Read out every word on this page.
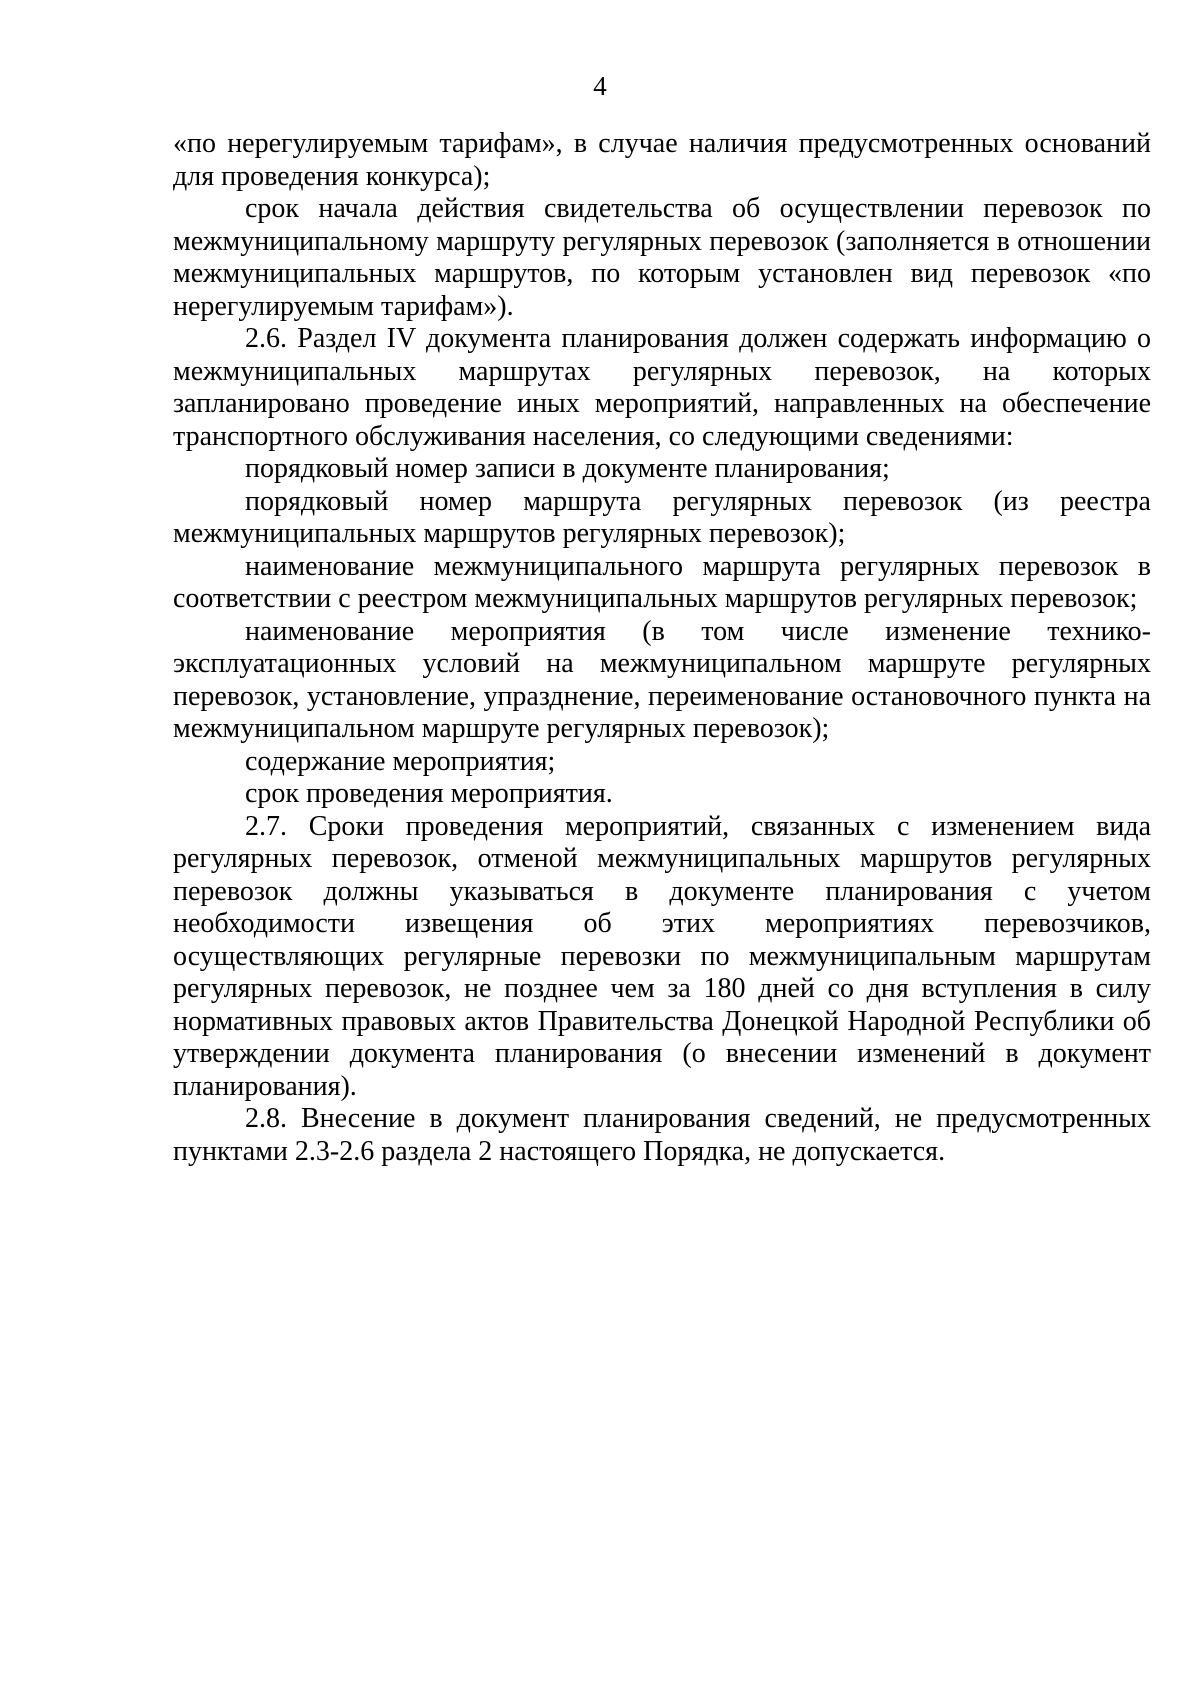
4

«по нерегулируемым тарифам», в случае наличия предусмотренных оснований для проведения конкурса);

срок начала действия свидетельства об осуществлении перевозок по межмуниципальному маршруту регулярных перевозок (заполняется в отношении межмуниципальных маршрутов, по которым установлен вид перевозок «по нерегулируемым тарифам»).

2.6. Раздел IV документа планирования должен содержать информацию о межмуниципальных маршрутах регулярных перевозок, на которых запланировано проведение иных мероприятий, направленных на обеспечение транспортного обслуживания населения, со следующими сведениями:

порядковый номер записи в документе планирования;

порядковый номер маршрута регулярных перевозок (из реестра межмуниципальных маршрутов регулярных перевозок);

наименование межмуниципального маршрута регулярных перевозок в соответствии с реестром межмуниципальных маршрутов регулярных перевозок;

наименование мероприятия (в том числе изменение технико-эксплуатационных условий на межмуниципальном маршруте регулярных перевозок, установление, упразднение, переименование остановочного пункта на межмуниципальном маршруте регулярных перевозок);

содержание мероприятия;

срок проведения мероприятия.

2.7. Сроки проведения мероприятий, связанных с изменением вида регулярных перевозок, отменой межмуниципальных маршрутов регулярных перевозок должны указываться в документе планирования с учетом необходимости извещения об этих мероприятиях перевозчиков, осуществляющих регулярные перевозки по межмуниципальным маршрутам регулярных перевозок, не позднее чем за 180 дней со дня вступления в силу нормативных правовых актов Правительства Донецкой Народной Республики об утверждении документа планирования (о внесении изменений в документ планирования).

2.8. Внесение в документ планирования сведений, не предусмотренных пунктами 2.3-2.6 раздела 2 настоящего Порядка, не допускается.
